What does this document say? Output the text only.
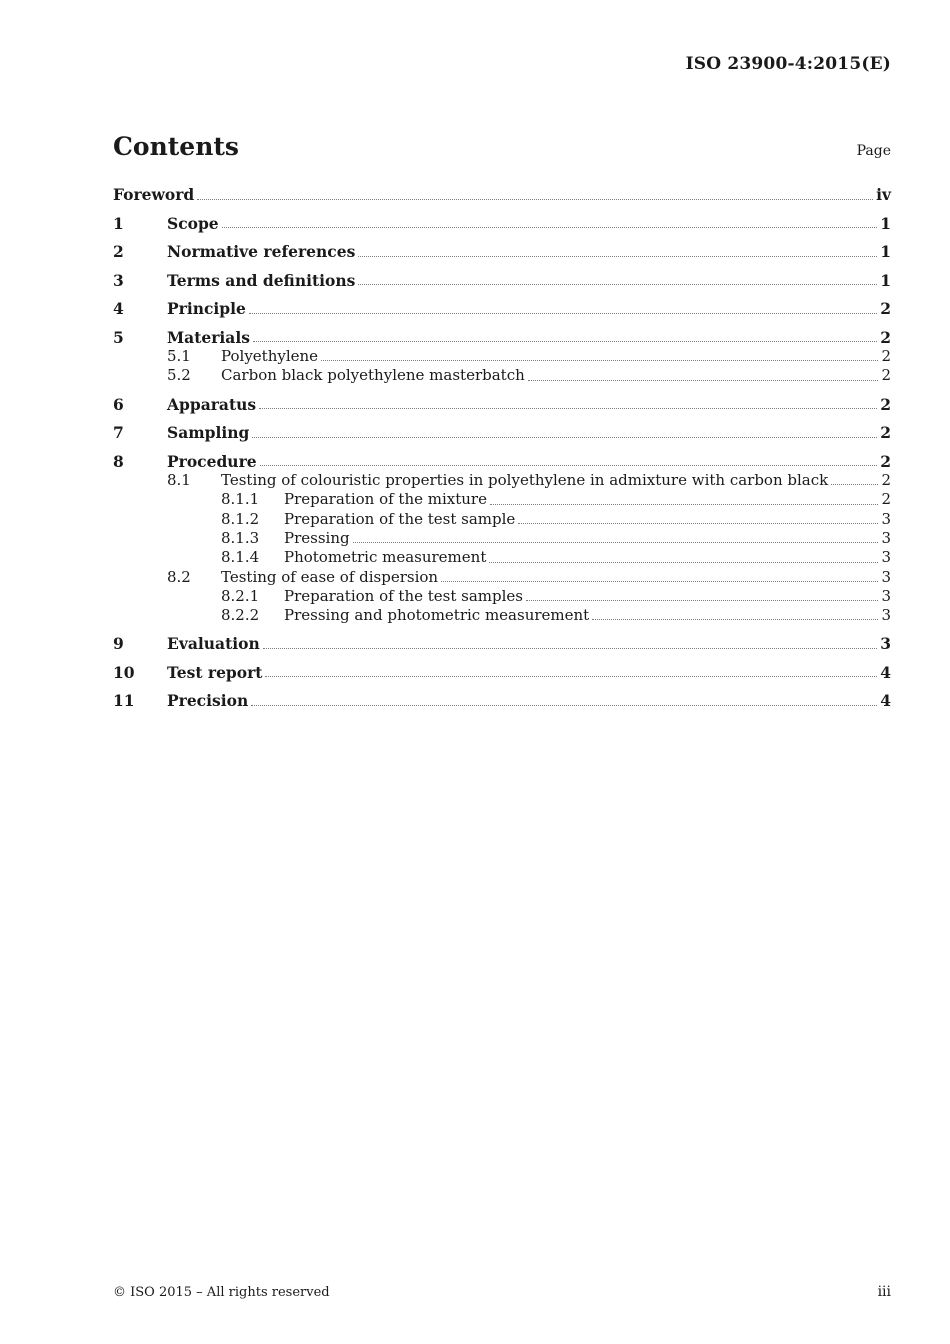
ISO 23900-4:2015(E)
Contents	Page
Foreword	iv
1	Scope	1
2	Normative references	1
3	Terms and definitions	1
4	Principle	2
5	Materials	2
5.1	Polyethylene	2
5.2	Carbon black polyethylene masterbatch	2
6	Apparatus	2
7	Sampling	2
8	Procedure	2
8.1	Testing of colouristic properties in polyethylene in admixture with carbon black	2
8.1.1	Preparation of the mixture	2
8.1.2	Preparation of the test sample	3
8.1.3	Pressing	3
8.1.4	Photometric measurement	3
8.2	Testing of ease of dispersion	3
8.2.1	Preparation of the test samples	3
8.2.2	Pressing and photometric measurement	3
9	Evaluation	3
10	Test report	4
11	Precision	4
© ISO 2015 – All rights reserved	iii
